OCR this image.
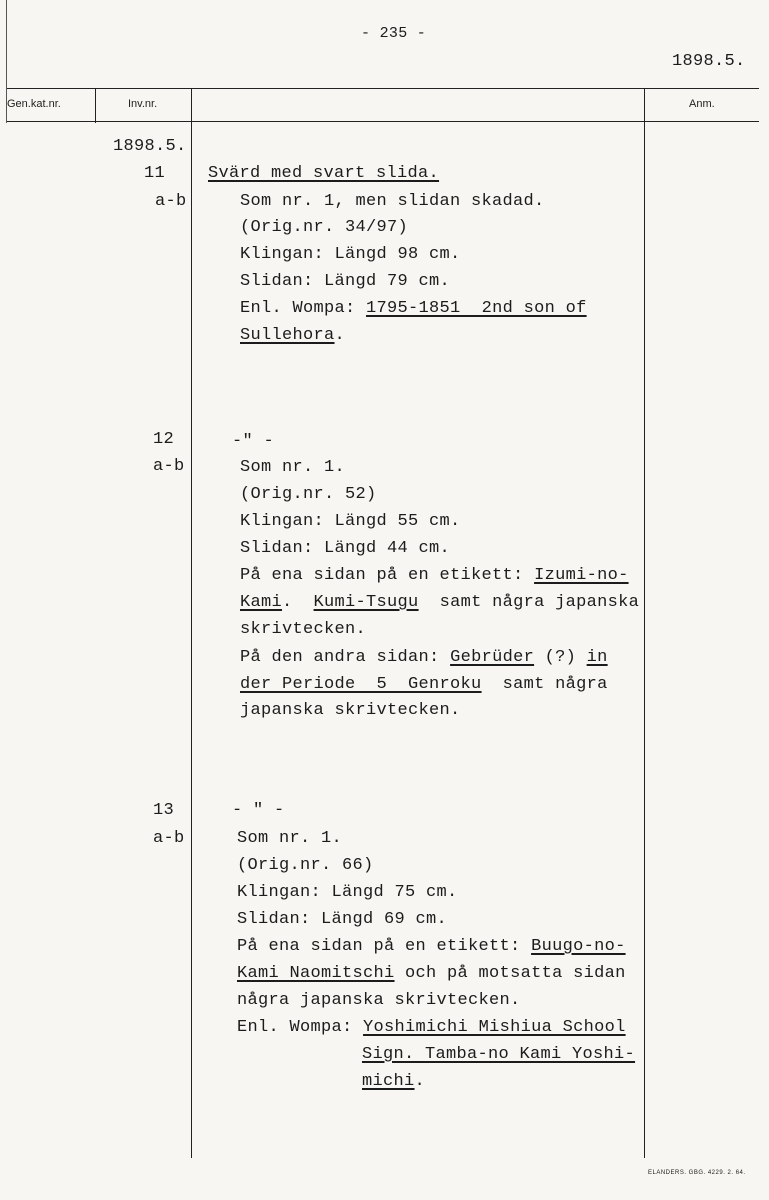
- 235 -
1898.5.
Gen.kat.nr.	Inv.nr.	Anm.
1898.5.
11
a-b
Svärd med svart slida.
Som nr. 1, men slidan skadad.
(Orig.nr. 34/97)
Klingan: Längd 98 cm.
Slidan: Längd 79 cm.
Enl. Wompa: 1795-1851  2nd son of
Sullehora.
12
a-b
-" -
Som nr. 1.
(Orig.nr. 52)
Klingan: Längd 55 cm.
Slidan: Längd 44 cm.
På ena sidan på en etikett: Izumi-no-
Kami. Kumi-Tsugu samt några japanska
skrivtecken.
På den andra sidan: Gebrüder (?) in
der Periode  5  Genroku samt några
japanska skrivtecken.
13
a-b
- " -
Som nr. 1.
(Orig.nr. 66)
Klingan: Längd 75 cm.
Slidan: Längd 69 cm.
På ena sidan på en etikett: Buugo-no-
Kami Naomitschi och på motsatta sidan
några japanska skrivtecken.
Enl. Wompa: Yoshimichi Mishiua School
Sign. Tamba-no Kami Yoshi-
michi.
ELANDERS. GBG. 4229. 2. 64.
